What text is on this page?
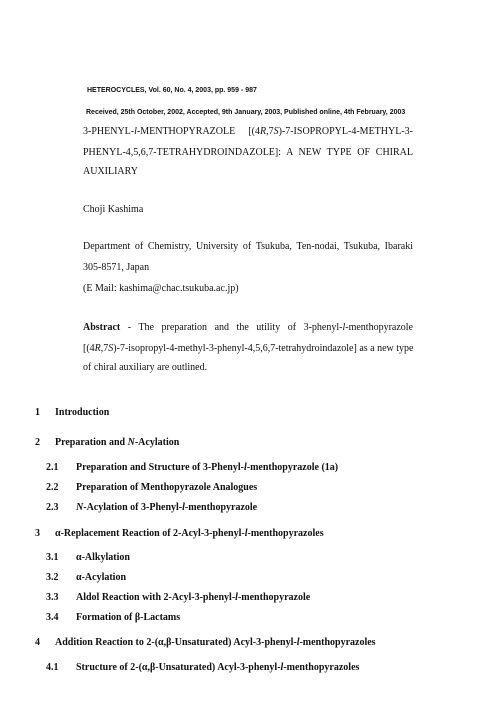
HETEROCYCLES, Vol. 60, No. 4, 2003, pp. 959 - 987
Received, 25th October, 2002, Accepted, 9th January, 2003, Published online, 4th February, 2003
3-PHENYL-l-MENTHOPYRAZOLE [(4R,7S)-7-ISOPROPYL-4-METHYL-3-
PHENYL-4,5,6,7-TETRAHYDROINDAZOLE]: A NEW TYPE OF CHIRAL
AUXILIARY
Choji Kashima
Department of Chemistry, University of Tsukuba, Ten-nodai, Tsukuba, Ibaraki
305-8571, Japan
(E Mail: kashima@chac.tsukuba.ac.jp)
Abstract - The preparation and the utility of 3-phenyl-l-menthopyrazole
[(4R,7S)-7-isopropyl-4-methyl-3-phenyl-4,5,6,7-tetrahydroindazole] as a new type
of chiral auxiliary are outlined.
1 Introduction
2 Preparation and N-Acylation
2.1 Preparation and Structure of 3-Phenyl-l-menthopyrazole (1a)
2.2 Preparation of Menthopyrazole Analogues
2.3 N-Acylation of 3-Phenyl-l-menthopyrazole
3 α-Replacement Reaction of 2-Acyl-3-phenyl-l-menthopyrazoles
3.1 α-Alkylation
3.2 α-Acylation
3.3 Aldol Reaction with 2-Acyl-3-phenyl-l-menthopyrazole
3.4 Formation of β-Lactams
4 Addition Reaction to 2-(α,β-Unsaturated) Acyl-3-phenyl-l-menthopyrazoles
4.1 Structure of 2-(α,β-Unsaturated) Acyl-3-phenyl-l-menthopyrazoles
